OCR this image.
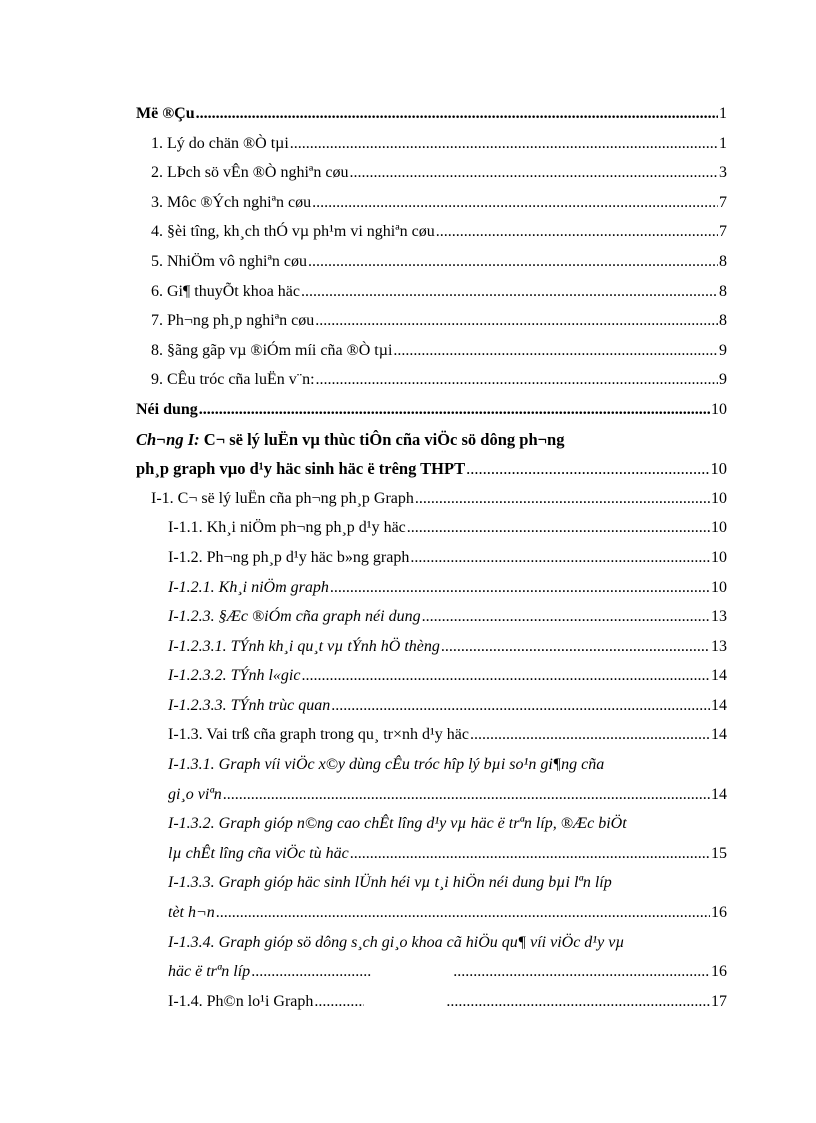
Më ®Çu .....	1
1. Lý do chän ®Ò tµi .....	1
2. LÞch sö vÊn ®Ò nghiªn cøu .....	3
3. Môc ®Ých nghiªn cøu .....	7
4. §èi tîng, kh¸ch thÓ vµ ph¹m vi nghiªn cøu .....	7
5. NhiÖm vô nghiªn cøu .....	8
6. Gi¶ thuyÕt khoa häc .....	8
7. Ph¬ng ph¸p nghiªn cøu .....	8
8. §ãng gãp vµ ®iÓm míi cña ®Ò tµi .....	9
9. CÊu tróc cña luËn v¨n: .....	9
Néi dung .....	10
Ch¬ng I: C¬ së lý luËn vµ thùc tiÔn cña viÖc sö dông ph¬ng
ph¸p graph vµo d¹y häc sinh häc ë trêng THPT .....	10
I-1. C¬ së lý luËn cña ph¬ng ph¸p Graph .....	10
I-1.1. Kh¸i niÖm ph¬ng ph¸p d¹y häc .....	10
I-1.2. Ph¬ng ph¸p d¹y häc b»ng graph .....	10
I-1.2.1. Kh¸i niÖm graph .....	10
I-1.2.3. §Æc ®iÓm cña graph néi dung .....	13
I-1.2.3.1. TÝnh kh¸i qu¸t vµ tÝnh hÖ thèng .....	13
I-1.2.3.2. TÝnh l«gic .....	14
I-1.2.3.3. TÝnh trùc quan .....	14
I-1.3. Vai trß cña graph trong qu¸ tr×nh d¹y häc .....	14
I-1.3.1. Graph víi viÖc x©y dùng cÊu tróc hîp lý bµi so¹n gi¶ng cña
gi¸o viªn .....	14
I-1.3.2. Graph gióp n©ng cao chÊt lîng d¹y vµ häc ë trªn líp, ®Æc biÖt
lµ chÊt lîng cña viÖc tù häc .....	15
I-1.3.3. Graph gióp häc sinh lÜnh héi vµ t¸i hiÖn néi dung bµi lªn líp
tèt h¬n .....	16
I-1.3.4. Graph gióp sö dông s¸ch gi¸o khoa cã hiÖu qu¶ víi viÖc d¹y vµ
häc ë trªn líp ..... .....	16
I-1.4. Ph©n lo¹i Graph ..... .....	17
